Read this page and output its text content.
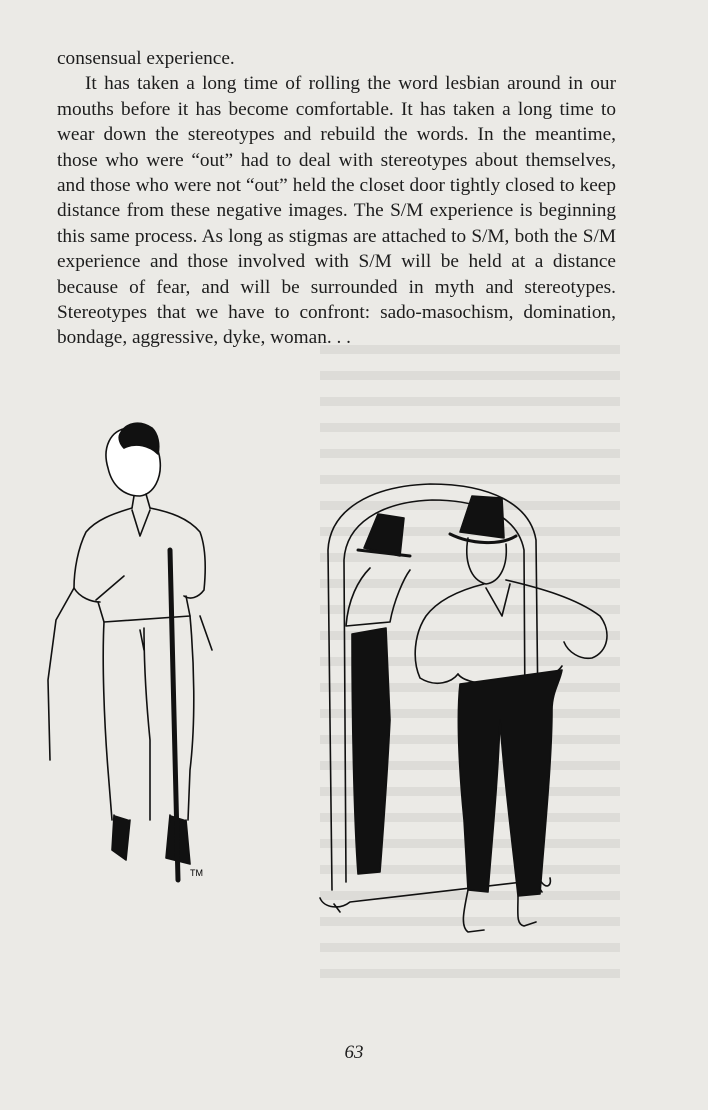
consensual experience.

It has taken a long time of rolling the word lesbian around in our mouths before it has become comfortable. It has taken a long time to wear down the stereotypes and rebuild the words. In the meantime, those who were “out” had to deal with stereotypes about themselves, and those who were not “out” held the closet door tightly closed to keep distance from these negative images. The S/M experience is beginning this same process. As long as stigmas are attached to S/M, both the S/M experience and those involved with S/M will be held at a distance because of fear, and will be surrounded in myth and stereotypes. Stereotypes that we have to confront: sado-masochism, domination, bondage, aggressive, dyke, woman. . .

TM
63
